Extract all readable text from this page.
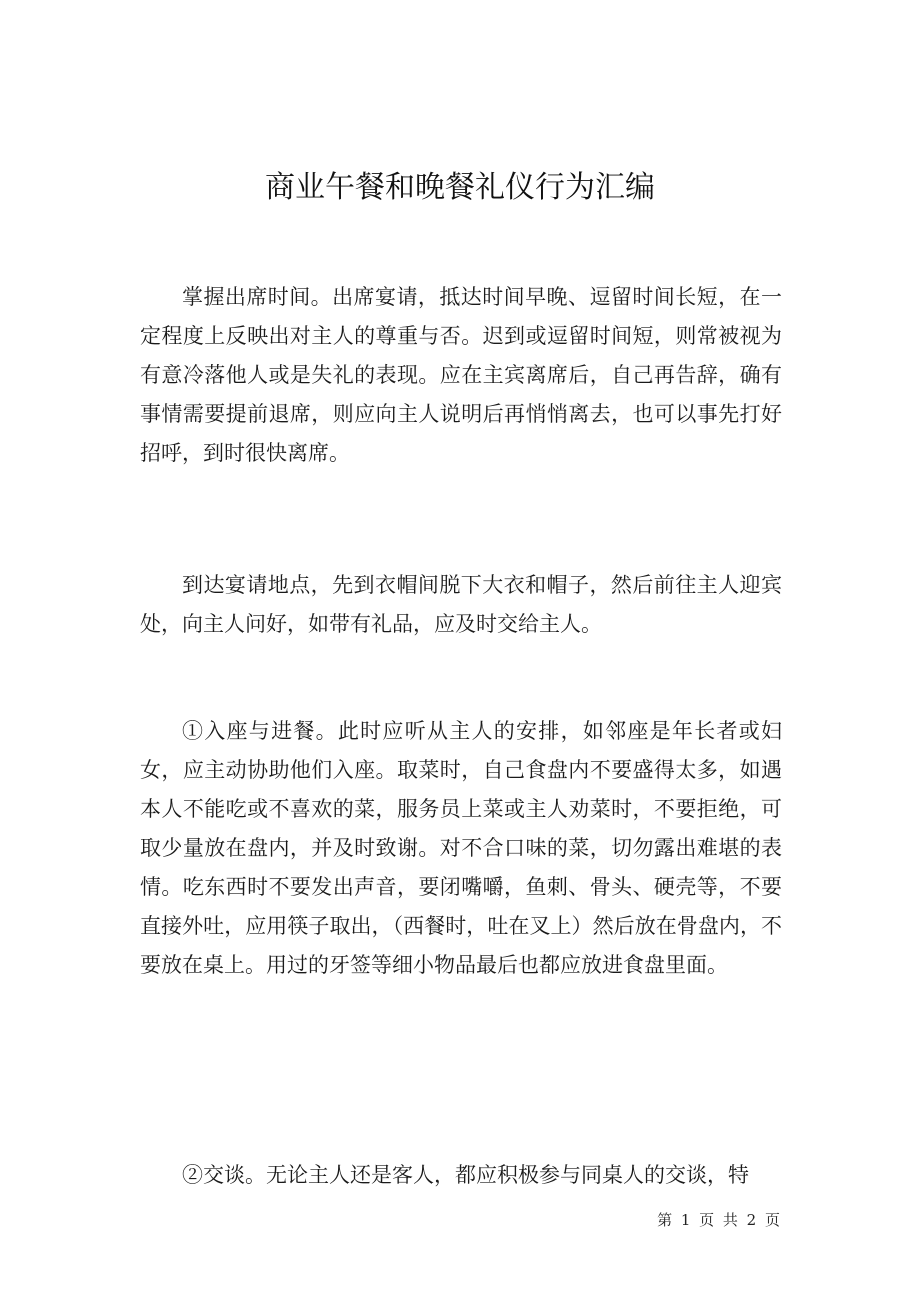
商业午餐和晚餐礼仪行为汇编

掌握出席时间。出席宴请，抵达时间早晚、逗留时间长短，在一定程度上反映出对主人的尊重与否。迟到或逗留时间短，则常被视为有意冷落他人或是失礼的表现。应在主宾离席后，自己再告辞，确有事情需要提前退席，则应向主人说明后再悄悄离去，也可以事先打好招呼，到时很快离席。

到达宴请地点，先到衣帽间脱下大衣和帽子，然后前往主人迎宾处，向主人问好，如带有礼品，应及时交给主人。

①入座与进餐。此时应听从主人的安排，如邻座是年长者或妇女，应主动协助他们入座。取菜时，自己食盘内不要盛得太多，如遇本人不能吃或不喜欢的菜，服务员上菜或主人劝菜时，不要拒绝，可取少量放在盘内，并及时致谢。对不合口味的菜，切勿露出难堪的表情。吃东西时不要发出声音，要闭嘴嚼，鱼刺、骨头、硬壳等，不要直接外吐，应用筷子取出，（西餐时，吐在叉上）然后放在骨盘内，不要放在桌上。用过的牙签等细小物品最后也都应放进食盘里面。

②交谈。无论主人还是客人，都应积极参与同桌人的交谈，特

第 1 页 共 2 页
